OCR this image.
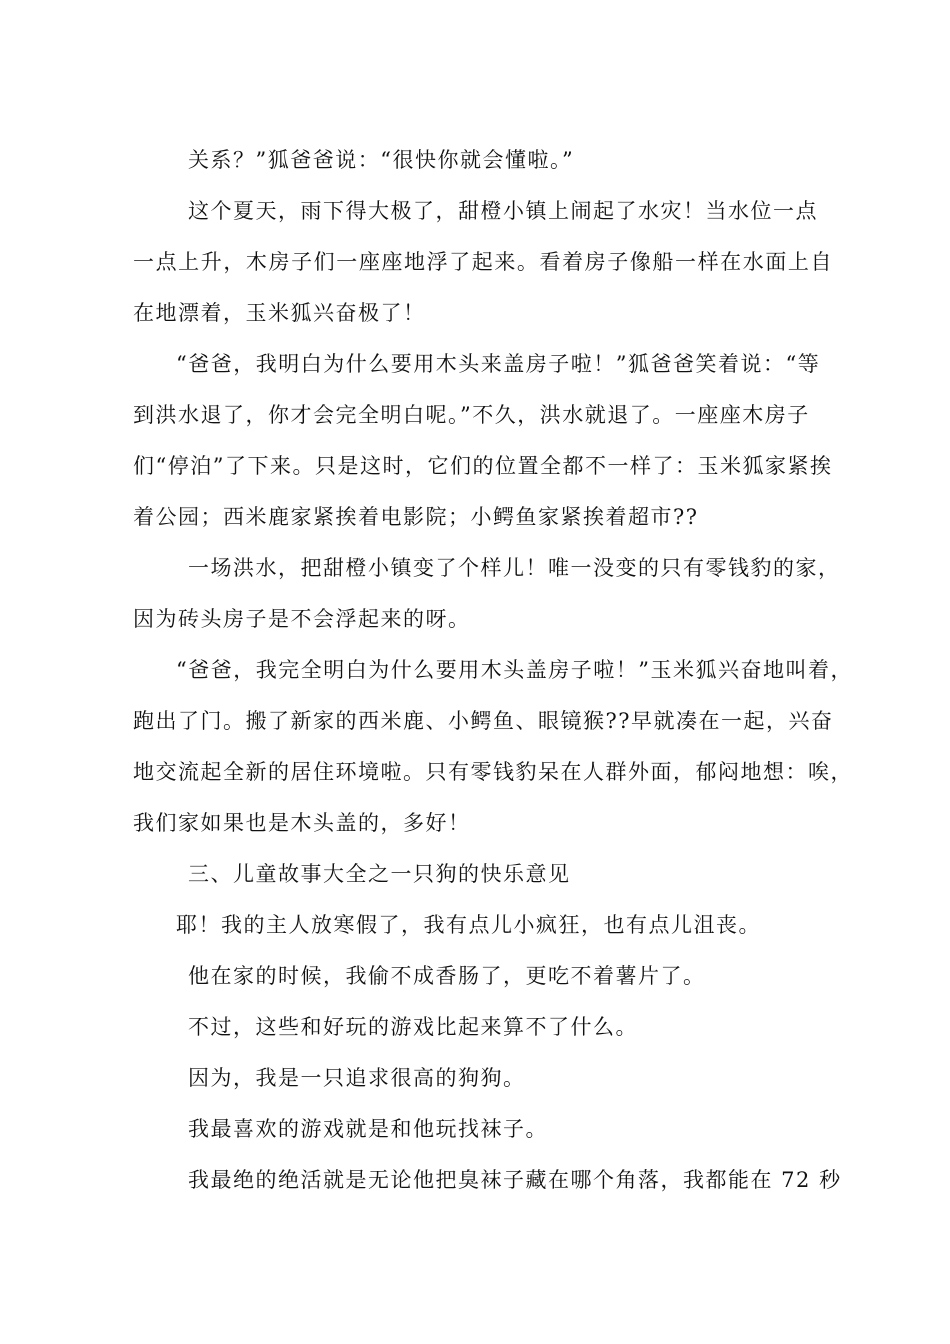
关系？”狐爸爸说：“很快你就会懂啦。”
这个夏天，雨下得大极了，甜橙小镇上闹起了水灾！当水位一点
一点上升，木房子们一座座地浮了起来。看着房子像船一样在水面上自
在地漂着，玉米狐兴奋极了！
“爸爸，我明白为什么要用木头来盖房子啦！”狐爸爸笑着说：“等
到洪水退了，你才会完全明白呢。”不久，洪水就退了。一座座木房子
们“停泊”了下来。只是这时，它们的位置全都不一样了：玉米狐家紧挨
着公园；西米鹿家紧挨着电影院；小鳄鱼家紧挨着超市??
一场洪水，把甜橙小镇变了个样儿！唯一没变的只有零钱豹的家，
因为砖头房子是不会浮起来的呀。
“爸爸，我完全明白为什么要用木头盖房子啦！”玉米狐兴奋地叫着，
跑出了门。搬了新家的西米鹿、小鳄鱼、眼镜猴??早就凑在一起，兴奋
地交流起全新的居住环境啦。只有零钱豹呆在人群外面，郁闷地想：唉，
我们家如果也是木头盖的，多好！
三、儿童故事大全之一只狗的快乐意见
耶！我的主人放寒假了，我有点儿小疯狂，也有点儿沮丧。
他在家的时候，我偷不成香肠了，更吃不着薯片了。
不过，这些和好玩的游戏比起来算不了什么。
因为，我是一只追求很高的狗狗。
我最喜欢的游戏就是和他玩找袜子。
我最绝的绝活就是无论他把臭袜子藏在哪个角落，我都能在 72 秒
